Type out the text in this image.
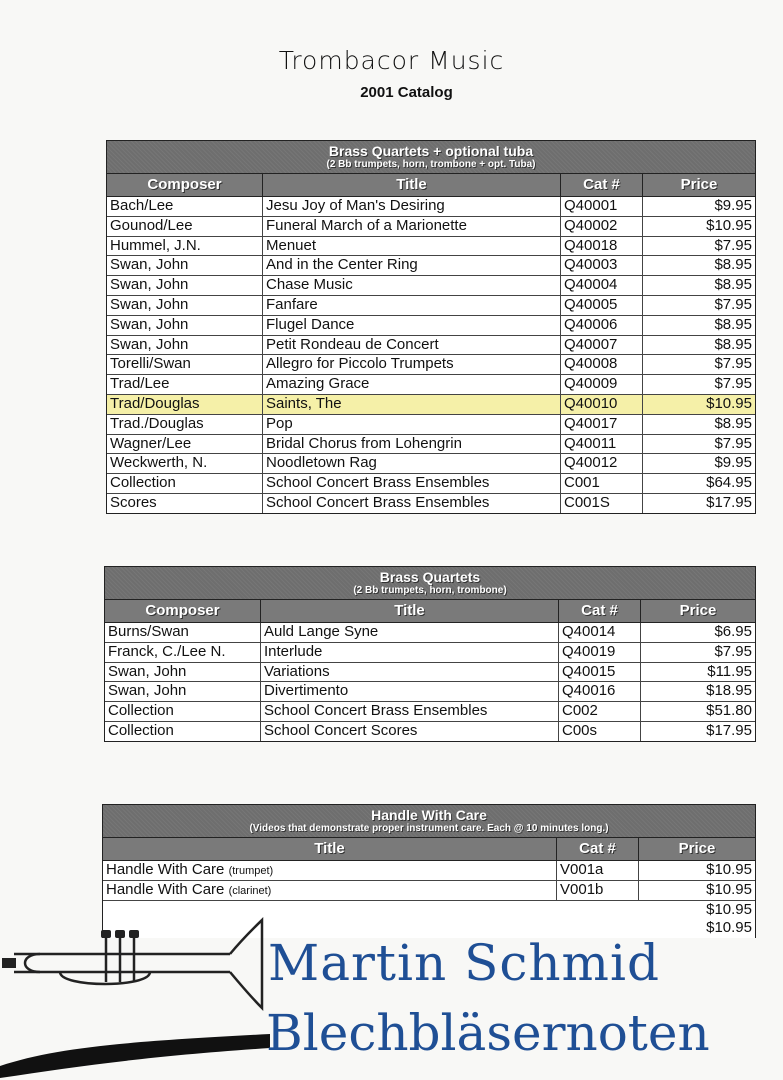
Trombacor Music
2001 Catalog
Brass Quartets + optional tuba
(2 Bb trumpets, horn, trombone + opt. Tuba)
Composer	Title	Cat #	Price
Bach/Lee	Jesu Joy of Man's Desiring	Q40001	$9.95
Gounod/Lee	Funeral March of a Marionette	Q40002	$10.95
Hummel, J.N.	Menuet	Q40018	$7.95
Swan, John	And in the Center Ring	Q40003	$8.95
Swan, John	Chase Music	Q40004	$8.95
Swan, John	Fanfare	Q40005	$7.95
Swan, John	Flugel Dance	Q40006	$8.95
Swan, John	Petit Rondeau de Concert	Q40007	$8.95
Torelli/Swan	Allegro for Piccolo Trumpets	Q40008	$7.95
Trad/Lee	Amazing Grace	Q40009	$7.95
Trad/Douglas	Saints, The	Q40010	$10.95
Trad./Douglas	Pop	Q40017	$8.95
Wagner/Lee	Bridal Chorus from Lohengrin	Q40011	$7.95
Weckwerth, N.	Noodletown Rag	Q40012	$9.95
Collection	School Concert Brass Ensembles	C001	$64.95
Scores	School Concert Brass Ensembles	C001S	$17.95
Brass Quartets
(2 Bb trumpets, horn, trombone)
Composer	Title	Cat #	Price
Burns/Swan	Auld Lange Syne	Q40014	$6.95
Franck, C./Lee N.	Interlude	Q40019	$7.95
Swan, John	Variations	Q40015	$11.95
Swan, John	Divertimento	Q40016	$18.95
Collection	School Concert Brass Ensembles	C002	$51.80
Collection	School Concert Scores	C00s	$17.95
Handle With Care
(Videos that demonstrate proper instrument care. Each @ 10 minutes long.)
Title	Cat #	Price
Handle With Care (trumpet)	V001a	$10.95
Handle With Care (clarinet)	V001b	$10.95
$10.95
$10.95
Martin Schmid
Blechbläsernoten
